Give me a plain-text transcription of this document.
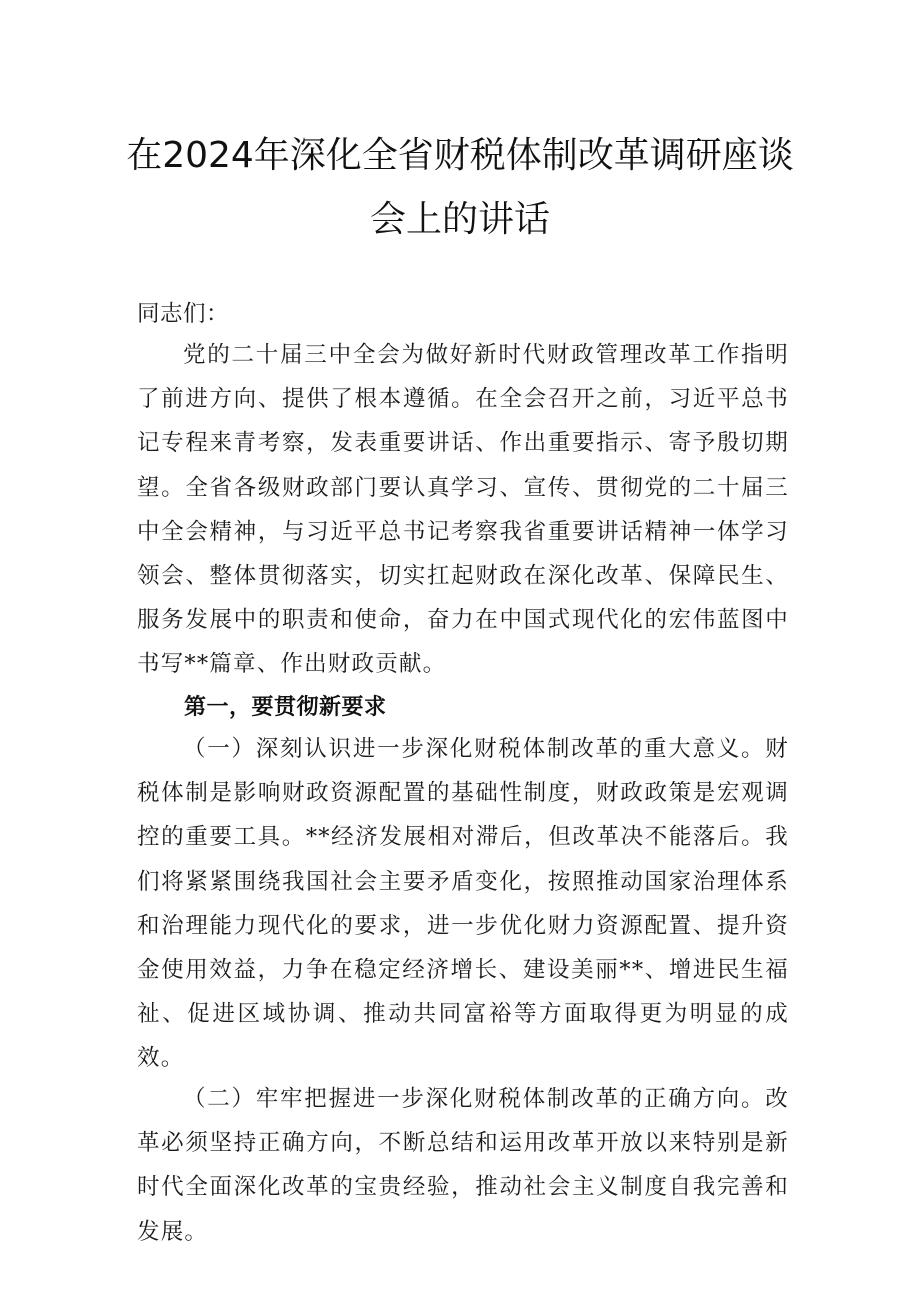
在2024年深化全省财税体制改革调研座谈
会上的讲话

同志们：

党的二十届三中全会为做好新时代财政管理改革工作指明了前进方向、提供了根本遵循。在全会召开之前，习近平总书记专程来青考察，发表重要讲话、作出重要指示、寄予殷切期望。全省各级财政部门要认真学习、宣传、贯彻党的二十届三中全会精神，与习近平总书记考察我省重要讲话精神一体学习领会、整体贯彻落实，切实扛起财政在深化改革、保障民生、服务发展中的职责和使命，奋力在中国式现代化的宏伟蓝图中书写**篇章、作出财政贡献。

第一，要贯彻新要求

（一）深刻认识进一步深化财税体制改革的重大意义。财税体制是影响财政资源配置的基础性制度，财政政策是宏观调控的重要工具。**经济发展相对滞后，但改革决不能落后。我们将紧紧围绕我国社会主要矛盾变化，按照推动国家治理体系和治理能力现代化的要求，进一步优化财力资源配置、提升资金使用效益，力争在稳定经济增长、建设美丽**、增进民生福祉、促进区域协调、推动共同富裕等方面取得更为明显的成效。

（二）牢牢把握进一步深化财税体制改革的正确方向。改革必须坚持正确方向，不断总结和运用改革开放以来特别是新时代全面深化改革的宝贵经验，推动社会主义制度自我完善和发展。
